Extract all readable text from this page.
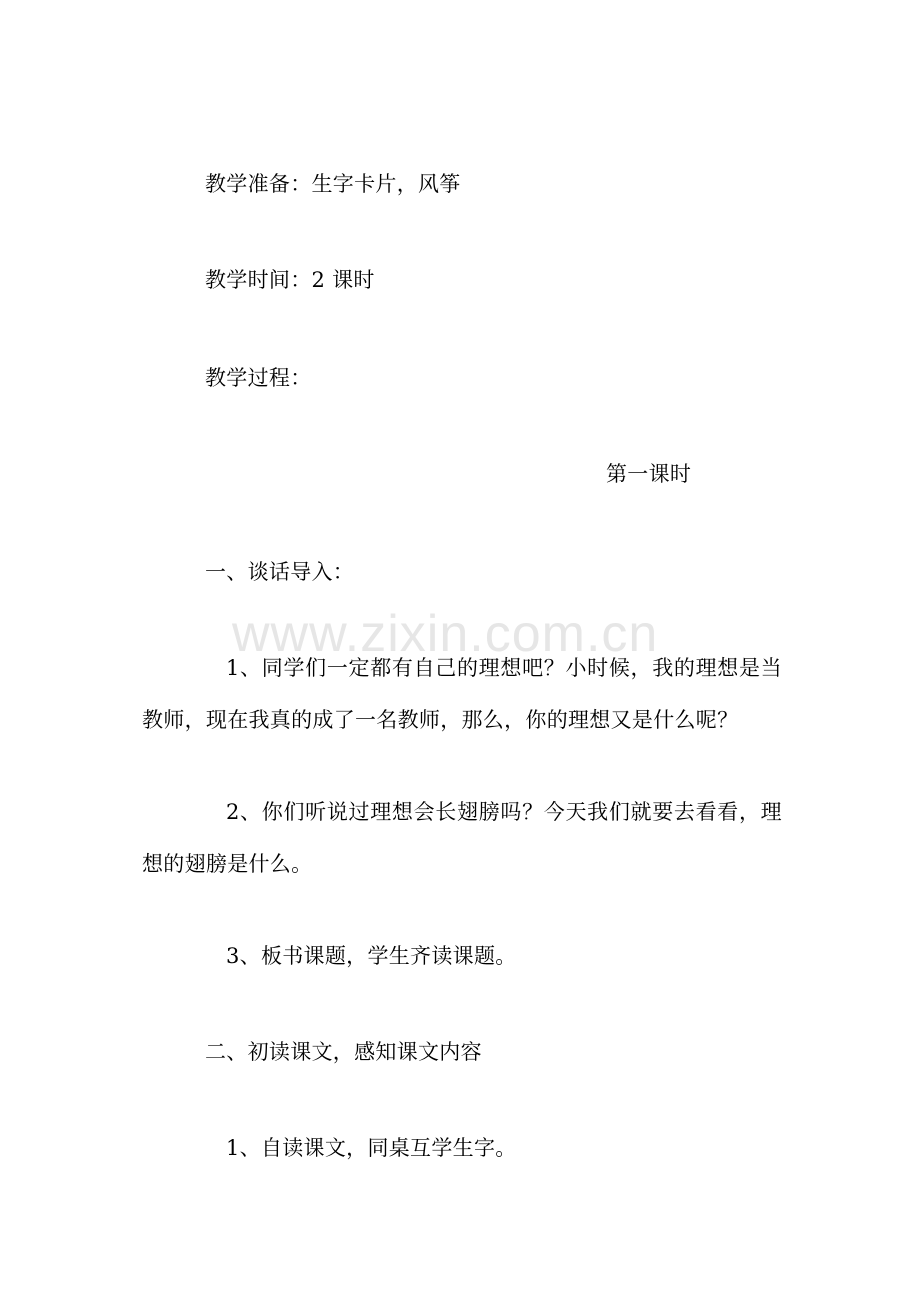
www.zixin.com.cn
教学准备：生字卡片，风筝
教学时间：2 课时
教学过程：
第一课时
一、谈话导入：
1、同学们一定都有自己的理想吧？小时候，我的理想是当教师，现在我真的成了一名教师，那么，你的理想又是什么呢？
2、你们听说过理想会长翅膀吗？今天我们就要去看看，理想的翅膀是什么。
3、板书课题，学生齐读课题。
二、初读课文，感知课文内容
1、自读课文，同桌互学生字。
